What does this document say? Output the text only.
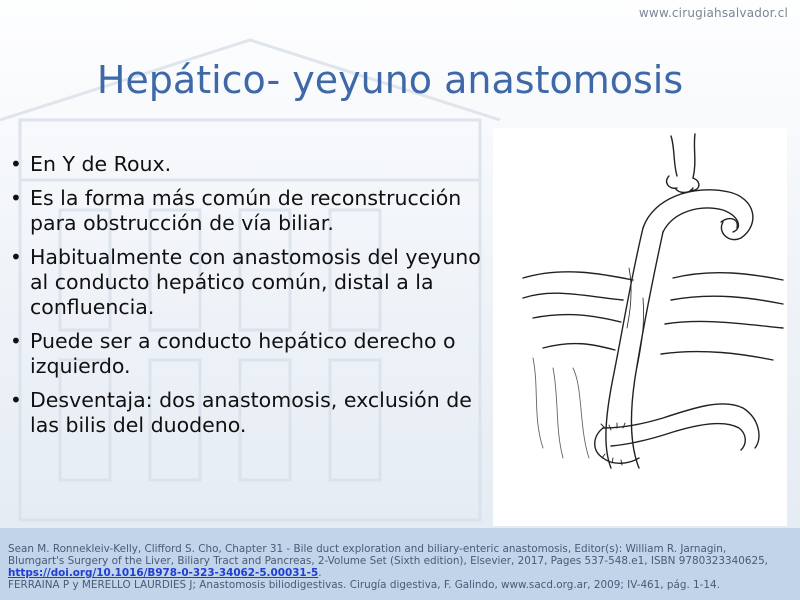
www.cirugiahsalvador.cl
Hepático- yeyuno anastomosis
• En Y de Roux.
• Es la forma más común de reconstrucción para obstrucción de vía biliar.
• Habitualmente con anastomosis del yeyuno al conducto hepático común, distal a la confluencia.
• Puede ser a conducto hepático derecho o izquierdo.
• Desventaja: dos anastomosis, exclusión de las bilis del duodeno.

Sean M. Ronnekleiv-Kelly, Clifford S. Cho, Chapter 31 - Bile duct exploration and biliary-enteric anastomosis, Editor(s): William R. Jarnagin,

Blumgart's Surgery of the Liver, Biliary Tract and Pancreas, 2-Volume Set (Sixth edition), Elsevier, 2017, Pages 537-548.e1, ISBN 9780323340625,

https://doi.org/10.1016/B978-0-323-34062-5.00031-5.

FERRAINA P y MERELLO LAURDIES J; Anastomosis biliodigestivas. Cirugía digestiva, F. Galindo, www.sacd.org.ar, 2009; IV-461, pág. 1-14.
